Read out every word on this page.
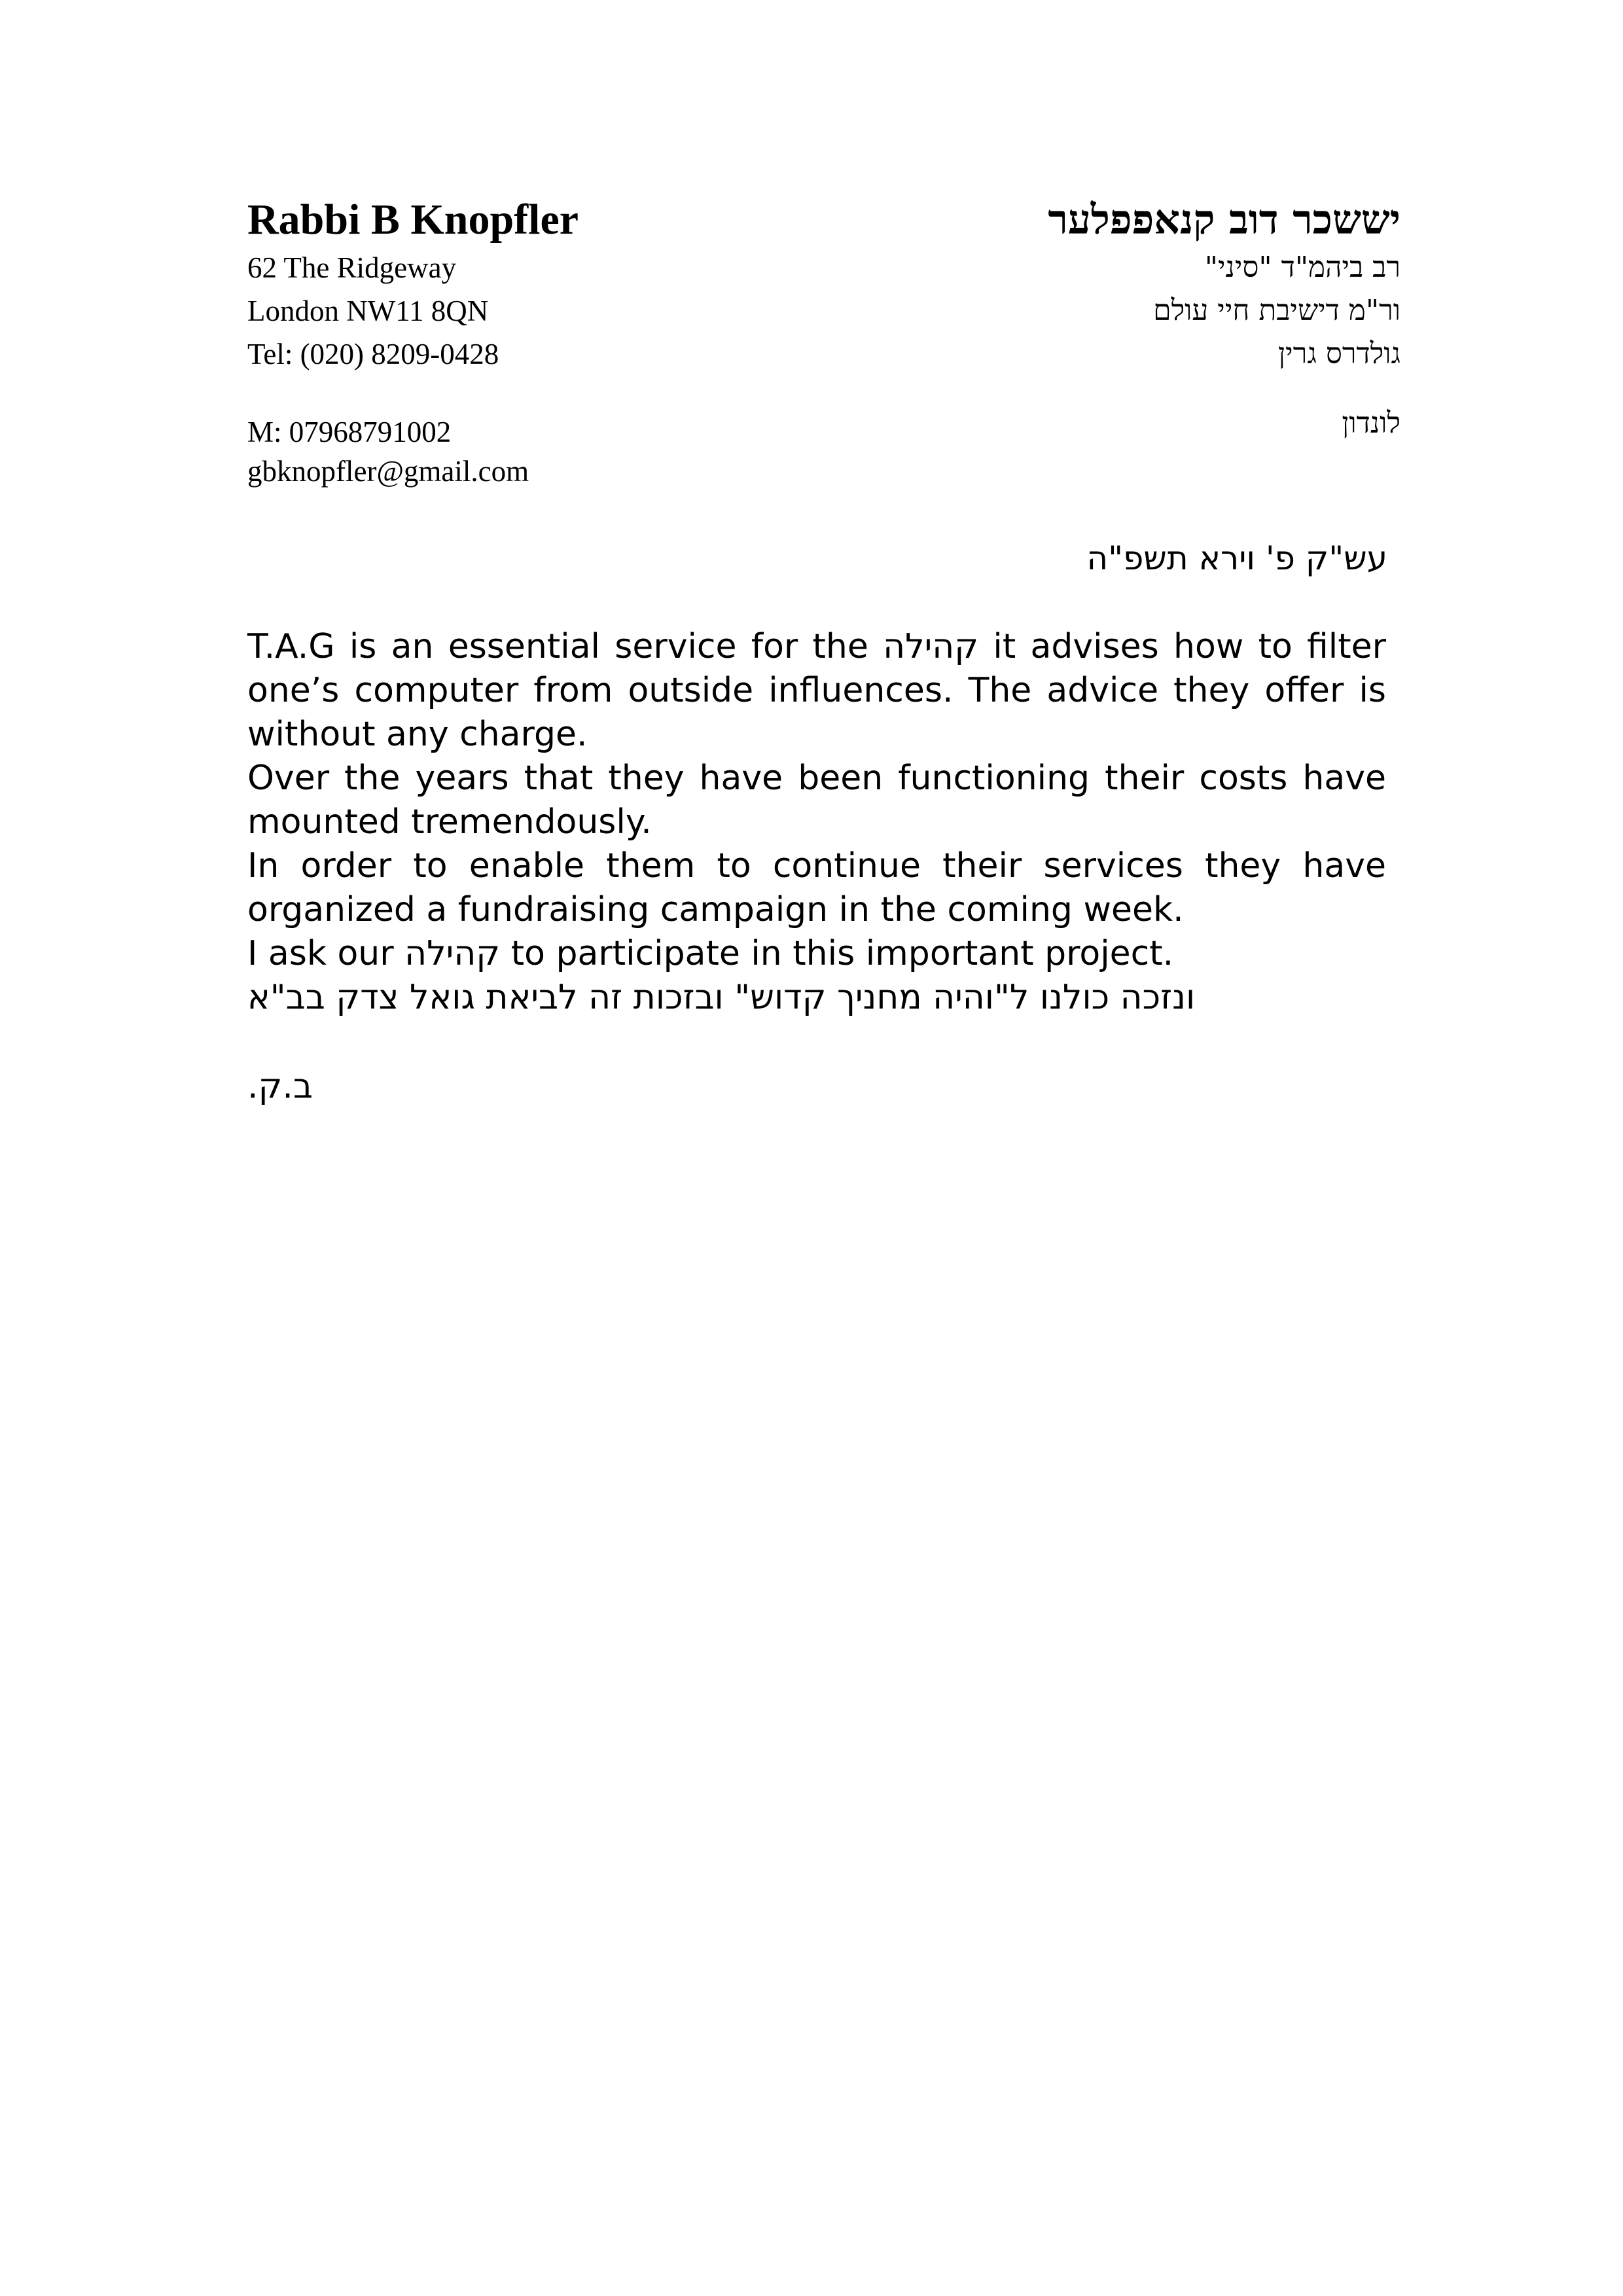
Rabbi B Knopfler

62 The Ridgeway

London NW11 8QN

Tel: (020) 8209-0428

M: 07968791002

gbknopfler@gmail.com

יששכר דוב קנאפפלער

רב ביהמ"ד "סיני"

ור"מ דישיבת חיי עולם

גולדרס גרין

לונדון

עש"ק פ' וירא תשפ"ה

T.A.G is an essential service for the קהילה it advises how to filter one’s computer from outside influences. The advice they offer is without any charge.

Over the years that they have been functioning their costs have mounted tremendously.

In order to enable them to continue their services they have organized a fundraising campaign in the coming week.

I ask our קהילה to participate in this important project.

ונזכה כולנו ל"והיה מחניך קדוש" ובזכות זה לביאת גואל צדק בב"א

ב.ק.
